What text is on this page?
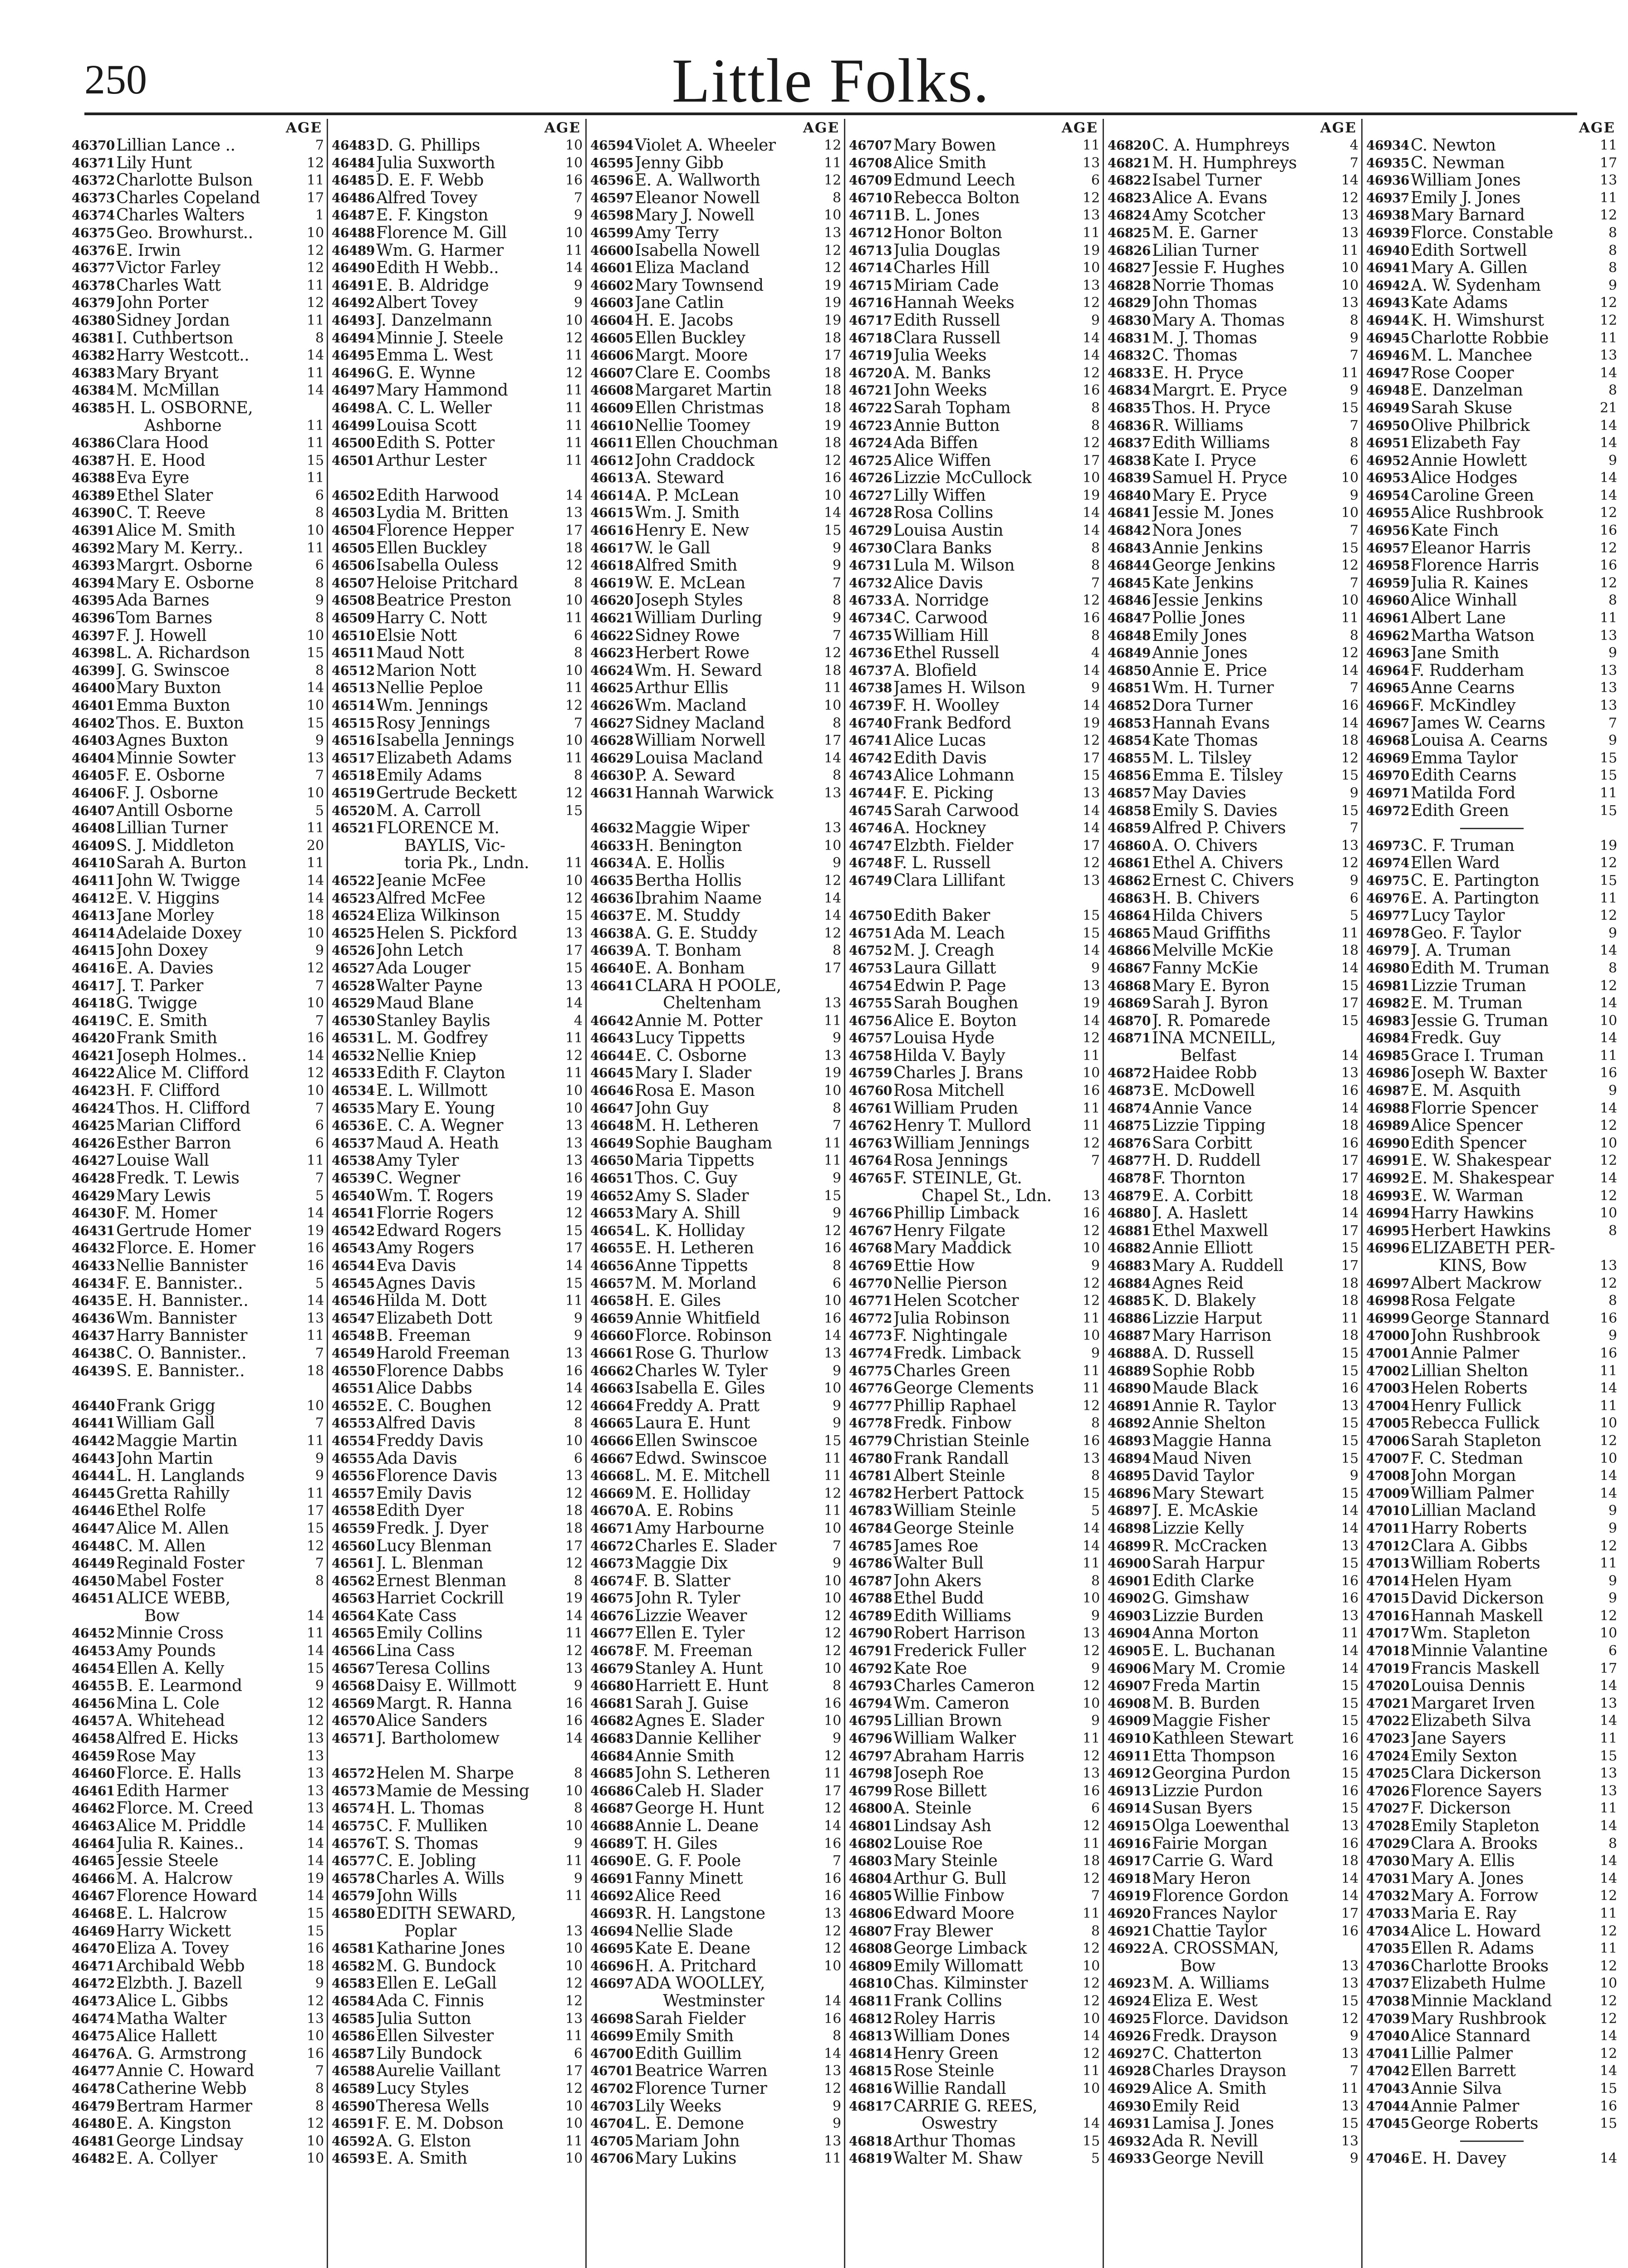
250	Little Folks.
AGE
46370 Lillian Lance ..	7
46371 Lily Hunt	12
46372 Charlotte Bulson	11
46373 Charles Copeland	17
46374 Charles Walters	1
46375 Geo. Browhurst..	10
46376 E. Irwin	12
46377 Victor Farley	12
46378 Charles Watt	11
46379 John Porter	12
46380 Sidney Jordan	11
46381 I. Cuthbertson	8
46382 Harry Westcott..	14
46383 Mary Bryant	11
46384 M. McMillan	14
46385 H. L. OSBORNE,
Ashborne	11
46386 Clara Hood	11
46387 H. E. Hood	15
46388 Eva Eyre	11
46389 Ethel Slater	6
46390 C. T. Reeve	8
46391 Alice M. Smith	10
46392 Mary M. Kerry..	11
46393 Margrt. Osborne	6
46394 Mary E. Osborne	8
46395 Ada Barnes	9
46396 Tom Barnes	8
46397 F. J. Howell	10
46398 L. A. Richardson	15
46399 J. G. Swinscoe	8
46400 Mary Buxton	14
46401 Emma Buxton	10
46402 Thos. E. Buxton	15
46403 Agnes Buxton	9
46404 Minnie Sowter	13
46405 F. E. Osborne	7
46406 F. J. Osborne	10
46407 Antill Osborne	5
46408 Lillian Turner	11
46409 S. J. Middleton	20
46410 Sarah A. Burton	11
46411 John W. Twigge	14
46412 E. V. Higgins	14
46413 Jane Morley	18
46414 Adelaide Doxey	10
46415 John Doxey	9
46416 E. A. Davies	12
46417 J. T. Parker	7
46418 G. Twigge	10
46419 C. E. Smith	7
46420 Frank Smith	16
46421 Joseph Holmes..	14
46422 Alice M. Clifford	12
46423 H. F. Clifford	10
46424 Thos. H. Clifford	7
46425 Marian Clifford	6
46426 Esther Barron	6
46427 Louise Wall	11
46428 Fredk. T. Lewis	7
46429 Mary Lewis	5
46430 F. M. Homer	14
46431 Gertrude Homer	19
46432 Florce. E. Homer	16
46433 Nellie Bannister	16
46434 F. E. Bannister..	5
46435 E. H. Bannister..	14
46436 Wm. Bannister	13
46437 Harry Bannister	11
46438 C. O. Bannister..	7
46439 S. E. Bannister..	18
46440 Frank Grigg	10
46441 William Gall	7
46442 Maggie Martin	11
46443 John Martin	9
46444 L. H. Langlands	9
46445 Gretta Rahilly	11
46446 Ethel Rolfe	17
46447 Alice M. Allen	15
46448 C. M. Allen	12
46449 Reginald Foster	7
46450 Mabel Foster	8
46451 ALICE WEBB,
Bow	14
46452 Minnie Cross	11
46453 Amy Pounds	14
46454 Ellen A. Kelly	15
46455 B. E. Learmond	9
46456 Mina L. Cole	12
46457 A. Whitehead	12
46458 Alfred E. Hicks	13
46459 Rose May	13
46460 Florce. E. Halls	13
46461 Edith Harmer	13
46462 Florce. M. Creed	13
46463 Alice M. Priddle	14
46464 Julia R. Kaines..	14
46465 Jessie Steele	14
46466 M. A. Halcrow	19
46467 Florence Howard	14
46468 E. L. Halcrow	15
46469 Harry Wickett	15
46470 Eliza A. Tovey	16
46471 Archibald Webb	18
46472 Elzbth. J. Bazell	9
46473 Alice L. Gibbs	12
46474 Matha Walter	13
46475 Alice Hallett	10
46476 A. G. Armstrong	16
46477 Annie C. Howard	7
46478 Catherine Webb	8
46479 Bertram Harmer	8
46480 E. A. Kingston	12
46481 George Lindsay	10
46482 E. A. Collyer	10
AGE
46483 D. G. Phillips	10
46484 Julia Suxworth	10
46485 D. E. F. Webb	16
46486 Alfred Tovey	7
46487 E. F. Kingston	9
46488 Florence M. Gill	10
46489 Wm. G. Harmer	11
46490 Edith H Webb..	14
46491 E. B. Aldridge	9
46492 Albert Tovey	9
46493 J. Danzelmann	10
46494 Minnie J. Steele	12
46495 Emma L. West	11
46496 G. E. Wynne	12
46497 Mary Hammond	11
46498 A. C. L. Weller	11
46499 Louisa Scott	11
46500 Edith S. Potter	11
46501 Arthur Lester	11
46502 Edith Harwood	14
46503 Lydia M. Britten	13
46504 Florence Hepper	17
46505 Ellen Buckley	18
46506 Isabella Ouless	12
46507 Heloise Pritchard	8
46508 Beatrice Preston	10
46509 Harry C. Nott	11
46510 Elsie Nott	6
46511 Maud Nott	8
46512 Marion Nott	10
46513 Nellie Peploe	11
46514 Wm. Jennings	12
46515 Rosy Jennings	7
46516 Isabella Jennings	10
46517 Elizabeth Adams	11
46518 Emily Adams	8
46519 Gertrude Beckett	12
46520 M. A. Carroll	15
46521 FLORENCE M.
BAYLIS, Vic-
toria Pk., Lndn.	11
46522 Jeanie McFee	10
46523 Alfred McFee	12
46524 Eliza Wilkinson	15
46525 Helen S. Pickford	13
46526 John Letch	17
46527 Ada Louger	15
46528 Walter Payne	13
46529 Maud Blane	14
46530 Stanley Baylis	4
46531 L. M. Godfrey	11
46532 Nellie Kniep	12
46533 Edith F. Clayton	11
46534 E. L. Willmott	10
46535 Mary E. Young	10
46536 E. C. A. Wegner	13
46537 Maud A. Heath	13
46538 Amy Tyler	13
46539 C. Wegner	16
46540 Wm. T. Rogers	19
46541 Florrie Rogers	12
46542 Edward Rogers	15
46543 Amy Rogers	17
46544 Eva Davis	14
46545 Agnes Davis	15
46546 Hilda M. Dott	11
46547 Elizabeth Dott	9
46548 B. Freeman	9
46549 Harold Freeman	13
46550 Florence Dabbs	16
46551 Alice Dabbs	14
46552 E. C. Boughen	12
46553 Alfred Davis	8
46554 Freddy Davis	10
46555 Ada Davis	6
46556 Florence Davis	13
46557 Emily Davis	12
46558 Edith Dyer	18
46559 Fredk. J. Dyer	18
46560 Lucy Blenman	17
46561 J. L. Blenman	12
46562 Ernest Blenman	8
46563 Harriet Cockrill	19
46564 Kate Cass	14
46565 Emily Collins	11
46566 Lina Cass	12
46567 Teresa Collins	13
46568 Daisy E. Willmott	9
46569 Margt. R. Hanna	16
46570 Alice Sanders	16
46571 J. Bartholomew	14
46572 Helen M. Sharpe	8
46573 Mamie de Messing	10
46574 H. L. Thomas	8
46575 C. F. Mulliken	10
46576 T. S. Thomas	9
46577 C. E. Jobling	11
46578 Charles A. Wills	9
46579 John Wills	11
46580 EDITH SEWARD,
Poplar	13
46581 Katharine Jones	10
46582 M. G. Bundock	10
46583 Ellen E. LeGall	12
46584 Ada C. Finnis	12
46585 Julia Sutton	13
46586 Ellen Silvester	11
46587 Lily Bundock	6
46588 Aurelie Vaillant	17
46589 Lucy Styles	12
46590 Theresa Wells	10
46591 F. E. M. Dobson	10
46592 A. G. Elston	11
46593 E. A. Smith	10
AGE
46594 Violet A. Wheeler	12
46595 Jenny Gibb	11
46596 E. A. Wallworth	12
46597 Eleanor Nowell	8
46598 Mary J. Nowell	10
46599 Amy Terry	13
46600 Isabella Nowell	12
46601 Eliza Macland	12
46602 Mary Townsend	19
46603 Jane Catlin	19
46604 H. E. Jacobs	19
46605 Ellen Buckley	18
46606 Margt. Moore	17
46607 Clare E. Coombs	18
46608 Margaret Martin	18
46609 Ellen Christmas	18
46610 Nellie Toomey	19
46611 Ellen Chouchman	18
46612 John Craddock	12
46613 A. Steward	16
46614 A. P. McLean	10
46615 Wm. J. Smith	14
46616 Henry E. New	15
46617 W. le Gall	9
46618 Alfred Smith	9
46619 W. E. McLean	7
46620 Joseph Styles	8
46621 William Durling	9
46622 Sidney Rowe	7
46623 Herbert Rowe	12
46624 Wm. H. Seward	18
46625 Arthur Ellis	11
46626 Wm. Macland	10
46627 Sidney Macland	8
46628 William Norwell	17
46629 Louisa Macland	14
46630 P. A. Seward	8
46631 Hannah Warwick	13
46632 Maggie Wiper	13
46633 H. Benington	10
46634 A. E. Hollis	9
46635 Bertha Hollis	12
46636 Ibrahim Naame	14
46637 E. M. Studdy	14
46638 A. G. E. Studdy	12
46639 A. T. Bonham	8
46640 E. A. Bonham	17
46641 CLARA H POOLE,
Cheltenham	13
46642 Annie M. Potter	11
46643 Lucy Tippetts	9
46644 E. C. Osborne	13
46645 Mary I. Slader	19
46646 Rosa E. Mason	10
46647 John Guy	8
46648 M. H. Letheren	7
46649 Sophie Baugham	11
46650 Maria Tippetts	11
46651 Thos. C. Guy	9
46652 Amy S. Slader	15
46653 Mary A. Shill	9
46654 L. K. Holliday	12
46655 E. H. Letheren	16
46656 Anne Tippetts	8
46657 M. M. Morland	6
46658 H. E. Giles	10
46659 Annie Whitfield	16
46660 Florce. Robinson	14
46661 Rose G. Thurlow	13
46662 Charles W. Tyler	9
46663 Isabella E. Giles	10
46664 Freddy A. Pratt	9
46665 Laura E. Hunt	9
46666 Ellen Swinscoe	15
46667 Edwd. Swinscoe	11
46668 L. M. E. Mitchell	11
46669 M. E. Holliday	12
46670 A. E. Robins	11
46671 Amy Harbourne	10
46672 Charles E. Slader	7
46673 Maggie Dix	9
46674 F. B. Slatter	10
46675 John R. Tyler	10
46676 Lizzie Weaver	12
46677 Ellen E. Tyler	12
46678 F. M. Freeman	12
46679 Stanley A. Hunt	10
46680 Harriett E. Hunt	8
46681 Sarah J. Guise	16
46682 Agnes E. Slader	10
46683 Dannie Kelliher	9
46684 Annie Smith	12
46685 John S. Letheren	11
46686 Caleb H. Slader	17
46687 George H. Hunt	12
46688 Annie L. Deane	14
46689 T. H. Giles	16
46690 E. G. F. Poole	7
46691 Fanny Minett	16
46692 Alice Reed	16
46693 R. H. Langstone	13
46694 Nellie Slade	12
46695 Kate E. Deane	12
46696 H. A. Pritchard	10
46697 ADA WOOLLEY,
Westminster	14
46698 Sarah Fielder	16
46699 Emily Smith	8
46700 Edith Guillim	14
46701 Beatrice Warren	13
46702 Florence Turner	12
46703 Lily Weeks	9
46704 L. E. Demone	9
46705 Mariam John	13
46706 Mary Lukins	11
AGE
46707 Mary Bowen	11
46708 Alice Smith	13
46709 Edmund Leech	6
46710 Rebecca Bolton	12
46711 B. L. Jones	13
46712 Honor Bolton	11
46713 Julia Douglas	19
46714 Charles Hill	10
46715 Miriam Cade	13
46716 Hannah Weeks	12
46717 Edith Russell	9
46718 Clara Russell	14
46719 Julia Weeks	14
46720 A. M. Banks	12
46721 John Weeks	16
46722 Sarah Topham	8
46723 Annie Button	8
46724 Ada Biffen	12
46725 Alice Wiffen	17
46726 Lizzie McCullock	10
46727 Lilly Wiffen	19
46728 Rosa Collins	14
46729 Louisa Austin	14
46730 Clara Banks	8
46731 Lula M. Wilson	8
46732 Alice Davis	7
46733 A. Norridge	12
46734 C. Carwood	16
46735 William Hill	8
46736 Ethel Russell	4
46737 A. Blofield	14
46738 James H. Wilson	9
46739 F. H. Woolley	14
46740 Frank Bedford	19
46741 Alice Lucas	12
46742 Edith Davis	17
46743 Alice Lohmann	15
46744 F. E. Picking	13
46745 Sarah Carwood	14
46746 A. Hockney	14
46747 Elzbth. Fielder	17
46748 F. L. Russell	12
46749 Clara Lillifant	13
46750 Edith Baker	15
46751 Ada M. Leach	15
46752 M. J. Creagh	14
46753 Laura Gillatt	9
46754 Edwin P. Page	13
46755 Sarah Boughen	19
46756 Alice E. Boyton	14
46757 Louisa Hyde	12
46758 Hilda V. Bayly	11
46759 Charles J. Brans	10
46760 Rosa Mitchell	16
46761 William Pruden	11
46762 Henry T. Mullord	11
46763 William Jennings	12
46764 Rosa Jennings	7
46765 F. STEINLE, Gt.
Chapel St., Ldn.	13
46766 Phillip Limback	16
46767 Henry Filgate	12
46768 Mary Maddick	10
46769 Ettie How	9
46770 Nellie Pierson	12
46771 Helen Scotcher	12
46772 Julia Robinson	11
46773 F. Nightingale	10
46774 Fredk. Limback	9
46775 Charles Green	11
46776 George Clements	11
46777 Phillip Raphael	12
46778 Fredk. Finbow	8
46779 Christian Steinle	16
46780 Frank Randall	13
46781 Albert Steinle	8
46782 Herbert Pattock	15
46783 William Steinle	5
46784 George Steinle	14
46785 James Roe	14
46786 Walter Bull	11
46787 John Akers	8
46788 Ethel Budd	10
46789 Edith Williams	9
46790 Robert Harrison	13
46791 Frederick Fuller	12
46792 Kate Roe	9
46793 Charles Cameron	12
46794 Wm. Cameron	10
46795 Lillian Brown	9
46796 William Walker	11
46797 Abraham Harris	12
46798 Joseph Roe	13
46799 Rose Billett	16
46800 A. Steinle	6
46801 Lindsay Ash	12
46802 Louise Roe	11
46803 Mary Steinle	18
46804 Arthur G. Bull	12
46805 Willie Finbow	7
46806 Edward Moore	11
46807 Fray Blewer	8
46808 George Limback	12
46809 Emily Willomatt	10
46810 Chas. Kilminster	12
46811 Frank Collins	12
46812 Roley Harris	10
46813 William Dones	14
46814 Henry Green	12
46815 Rose Steinle	11
46816 Willie Randall	10
46817 CARRIE G. REES,
Oswestry	14
46818 Arthur Thomas	15
46819 Walter M. Shaw	5
AGE
46820 C. A. Humphreys	4
46821 M. H. Humphreys	7
46822 Isabel Turner	14
46823 Alice A. Evans	12
46824 Amy Scotcher	13
46825 M. E. Garner	13
46826 Lilian Turner	11
46827 Jessie F. Hughes	10
46828 Norrie Thomas	10
46829 John Thomas	13
46830 Mary A. Thomas	8
46831 M. J. Thomas	9
46832 C. Thomas	7
46833 E. H. Pryce	11
46834 Margrt. E. Pryce	9
46835 Thos. H. Pryce	15
46836 R. Williams	7
46837 Edith Williams	8
46838 Kate I. Pryce	6
46839 Samuel H. Pryce	10
46840 Mary E. Pryce	9
46841 Jessie M. Jones	10
46842 Nora Jones	7
46843 Annie Jenkins	15
46844 George Jenkins	12
46845 Kate Jenkins	7
46846 Jessie Jenkins	10
46847 Pollie Jones	11
46848 Emily Jones	8
46849 Annie Jones	12
46850 Annie E. Price	14
46851 Wm. H. Turner	7
46852 Dora Turner	16
46853 Hannah Evans	14
46854 Kate Thomas	18
46855 M. L. Tilsley	12
46856 Emma E. Tilsley	15
46857 May Davies	9
46858 Emily S. Davies	15
46859 Alfred P. Chivers	7
46860 A. O. Chivers	13
46861 Ethel A. Chivers	12
46862 Ernest C. Chivers	9
46863 H. B. Chivers	6
46864 Hilda Chivers	5
46865 Maud Griffiths	11
46866 Melville McKie	18
46867 Fanny McKie	14
46868 Mary E. Byron	15
46869 Sarah J. Byron	17
46870 J. R. Pomarede	15
46871 INA MCNEILL,
Belfast	14
46872 Haidee Robb	13
46873 E. McDowell	16
46874 Annie Vance	14
46875 Lizzie Tipping	18
46876 Sara Corbitt	16
46877 H. D. Ruddell	17
46878 F. Thornton	17
46879 E. A. Corbitt	18
46880 J. A. Haslett	14
46881 Ethel Maxwell	17
46882 Annie Elliott	15
46883 Mary A. Ruddell	17
46884 Agnes Reid	18
46885 K. D. Blakely	18
46886 Lizzie Harput	11
46887 Mary Harrison	18
46888 A. D. Russell	15
46889 Sophie Robb	15
46890 Maude Black	16
46891 Annie R. Taylor	13
46892 Annie Shelton	15
46893 Maggie Hanna	15
46894 Maud Niven	15
46895 David Taylor	9
46896 Mary Stewart	15
46897 J. E. McAskie	14
46898 Lizzie Kelly	14
46899 R. McCracken	13
46900 Sarah Harpur	15
46901 Edith Clarke	16
46902 G. Gimshaw	16
46903 Lizzie Burden	13
46904 Anna Morton	11
46905 E. L. Buchanan	14
46906 Mary M. Cromie	14
46907 Freda Martin	15
46908 M. B. Burden	15
46909 Maggie Fisher	15
46910 Kathleen Stewart	16
46911 Etta Thompson	16
46912 Georgina Purdon	15
46913 Lizzie Purdon	16
46914 Susan Byers	15
46915 Olga Loewenthal	13
46916 Fairie Morgan	16
46917 Carrie G. Ward	18
46918 Mary Heron	14
46919 Florence Gordon	14
46920 Frances Naylor	17
46921 Chattie Taylor	16
46922 A. CROSSMAN,
Bow	13
46923 M. A. Williams	13
46924 Eliza E. West	15
46925 Florce. Davidson	12
46926 Fredk. Drayson	9
46927 C. Chatterton	13
46928 Charles Drayson	7
46929 Alice A. Smith	11
46930 Emily Reid	13
46931 Lamisa J. Jones	15
46932 Ada R. Nevill	13
46933 George Nevill	9
AGE
46934 C. Newton	11
46935 C. Newman	17
46936 William Jones	13
46937 Emily J. Jones	11
46938 Mary Barnard	12
46939 Florce. Constable	8
46940 Edith Sortwell	8
46941 Mary A. Gillen	8
46942 A. W. Sydenham	9
46943 Kate Adams	12
46944 K. H. Wimshurst	12
46945 Charlotte Robbie	11
46946 M. L. Manchee	13
46947 Rose Cooper	14
46948 E. Danzelman	8
46949 Sarah Skuse	21
46950 Olive Philbrick	14
46951 Elizabeth Fay	14
46952 Annie Howlett	9
46953 Alice Hodges	14
46954 Caroline Green	14
46955 Alice Rushbrook	12
46956 Kate Finch	16
46957 Eleanor Harris	12
46958 Florence Harris	16
46959 Julia R. Kaines	12
46960 Alice Winhall	8
46961 Albert Lane	11
46962 Martha Watson	13
46963 Jane Smith	9
46964 F. Rudderham	13
46965 Anne Cearns	13
46966 F. McKindley	13
46967 James W. Cearns	7
46968 Louisa A. Cearns	9
46969 Emma Taylor	15
46970 Edith Cearns	15
46971 Matilda Ford	11
46972 Edith Green	15
46973 C. F. Truman	19
46974 Ellen Ward	12
46975 C. E. Partington	15
46976 E. A. Partington	11
46977 Lucy Taylor	12
46978 Geo. F. Taylor	9
46979 J. A. Truman	14
46980 Edith M. Truman	8
46981 Lizzie Truman	12
46982 E. M. Truman	14
46983 Jessie G. Truman	10
46984 Fredk. Guy	14
46985 Grace I. Truman	11
46986 Joseph W. Baxter	16
46987 E. M. Asquith	9
46988 Florrie Spencer	14
46989 Alice Spencer	12
46990 Edith Spencer	10
46991 E. W. Shakespear	12
46992 E. M. Shakespear	14
46993 E. W. Warman	12
46994 Harry Hawkins	10
46995 Herbert Hawkins	8
46996 ELIZABETH PER-
KINS, Bow	13
46997 Albert Mackrow	12
46998 Rosa Felgate	8
46999 George Stannard	16
47000 John Rushbrook	9
47001 Annie Palmer	16
47002 Lillian Shelton	11
47003 Helen Roberts	14
47004 Henry Fullick	11
47005 Rebecca Fullick	10
47006 Sarah Stapleton	12
47007 F. C. Stedman	10
47008 John Morgan	14
47009 William Palmer	14
47010 Lillian Macland	9
47011 Harry Roberts	9
47012 Clara A. Gibbs	12
47013 William Roberts	11
47014 Helen Hyam	9
47015 David Dickerson	9
47016 Hannah Maskell	12
47017 Wm. Stapleton	10
47018 Minnie Valantine	6
47019 Francis Maskell	17
47020 Louisa Dennis	14
47021 Margaret Irven	13
47022 Elizabeth Silva	14
47023 Jane Sayers	11
47024 Emily Sexton	15
47025 Clara Dickerson	13
47026 Florence Sayers	13
47027 F. Dickerson	11
47028 Emily Stapleton	14
47029 Clara A. Brooks	8
47030 Mary A. Ellis	14
47031 Mary A. Jones	14
47032 Mary A. Forrow	12
47033 Maria E. Ray	11
47034 Alice L. Howard	12
47035 Ellen R. Adams	11
47036 Charlotte Brooks	12
47037 Elizabeth Hulme	10
47038 Minnie Mackland	12
47039 Mary Rushbrook	12
47040 Alice Stannard	14
47041 Lillie Palmer	12
47042 Ellen Barrett	14
47043 Annie Silva	15
47044 Annie Palmer	16
47045 George Roberts	15
47046 E. H. Davey	14
